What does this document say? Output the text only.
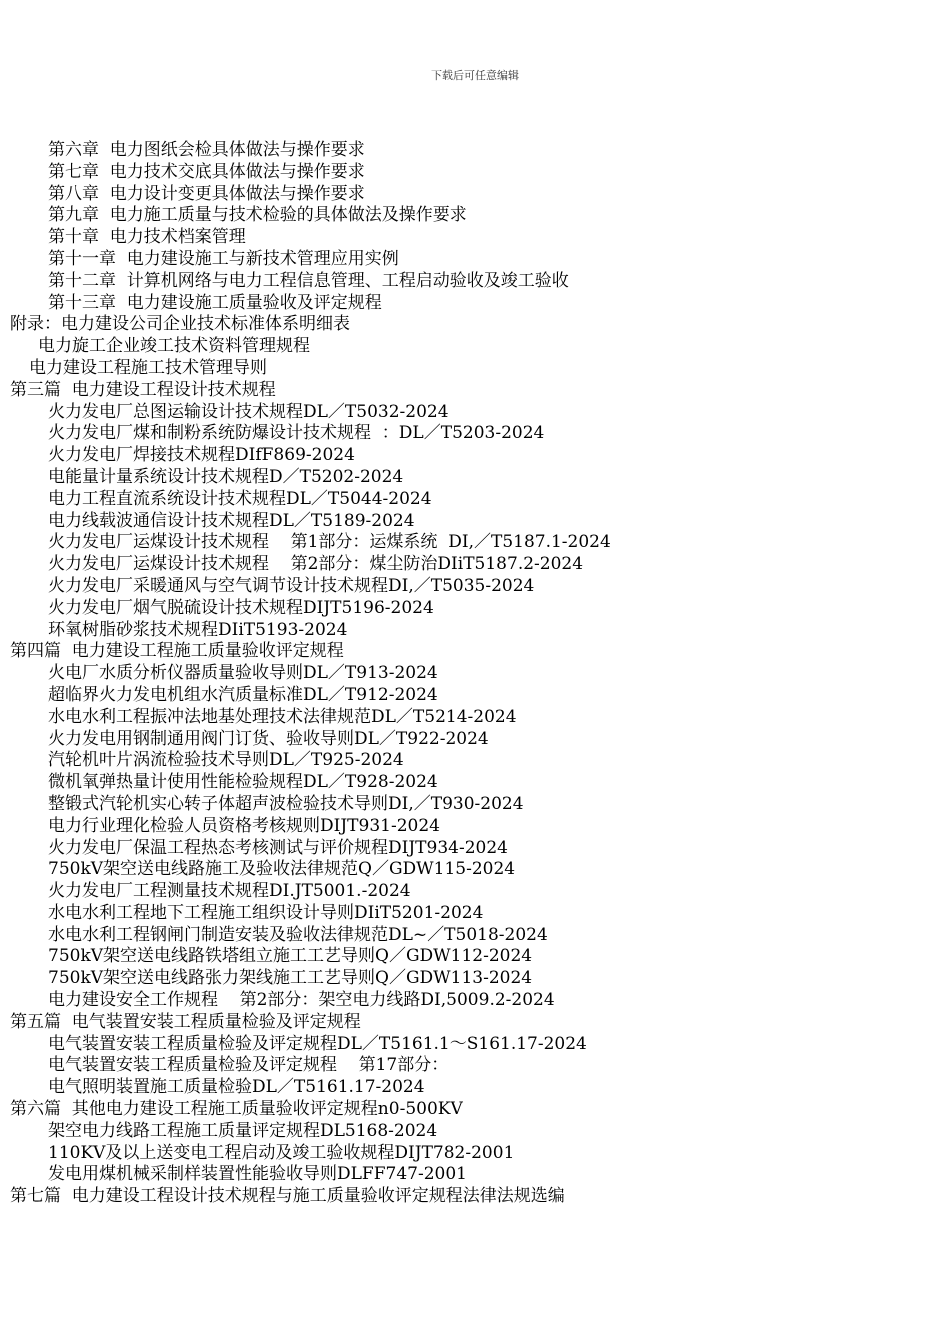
下载后可任意编辑
第六章  电力图纸会检具体做法与操作要求
第七章  电力技术交底具体做法与操作要求
第八章  电力设计变更具体做法与操作要求
第九章  电力施工质量与技术检验的具体做法及操作要求
第十章  电力技术档案管理
第十一章  电力建设施工与新技术管理应用实例
第十二章  计算机网络与电力工程信息管理、工程启动验收及竣工验收
第十三章  电力建设施工质量验收及评定规程
附录：电力建设公司企业技术标准体系明细表
电力旋工企业竣工技术资料管理规程
电力建设工程施工技术管理导则
第三篇  电力建设工程设计技术规程
火力发电厂总图运输设计技术规程DL／T5032-2024
火力发电厂煤和制粉系统防爆设计技术规程  ：DL／T5203-2024
火力发电厂焊接技术规程DIfF869-2024
电能量计量系统设计技术规程D／T5202-2024
电力工程直流系统设计技术规程DL／T5044-2024
电力线载波通信设计技术规程DL／T5189-2024
火力发电厂运煤设计技术规程    第1部分：运煤系统  DI,／T5187.1-2024
火力发电厂运煤设计技术规程    第2部分：煤尘防治DIiT5187.2-2024
火力发电厂采暖通风与空气调节设计技术规程DI,／T5035-2024
火力发电厂烟气脱硫设计技术规程DIJT5196-2024
环氧树脂砂浆技术规程DIiT5193-2024
第四篇  电力建设工程施工质量验收评定规程
火电厂水质分析仪器质量验收导则DL／T913-2024
超临界火力发电机组水汽质量标准DL／T912-2024
水电水利工程振冲法地基处理技术法律规范DL／T5214-2024
火力发电用钢制通用阀门订货、验收导则DL／T922-2024
汽轮机叶片涡流检验技术导则DL／T925-2024
微机氧弹热量计使用性能检验规程DL／T928-2024
整锻式汽轮机实心转子体超声波检验技术导则DI,／T930-2024
电力行业理化检验人员资格考核规则DIJT931-2024
火力发电厂保温工程热态考核测试与评价规程DIJT934-2024
750kV架空送电线路施工及验收法律规范Q／GDW115-2024
火力发电厂工程测量技术规程DI.JT5001.-2024
水电水利工程地下工程施工组织设计导则DIiT5201-2024
水电水利工程钢闸门制造安装及验收法律规范DL~／T5018-2024
750kV架空送电线路铁塔组立施工工艺导则Q／GDW112-2024
750kV架空送电线路张力架线施工工艺导则Q／GDW113-2024
电力建设安全工作规程    第2部分：架空电力线路DI,5009.2-2024
第五篇  电气装置安装工程质量检验及评定规程
电气装置安装工程质量检验及评定规程DL／T5161.1～S161.17-2024
电气装置安装工程质量检验及评定规程    第17部分：
电气照明装置施工质量检验DL／T5161.17-2024
第六篇  其他电力建设工程施工质量验收评定规程n0-500KV
架空电力线路工程施工质量评定规程DL5168-2024
110KV及以上送变电工程启动及竣工验收规程DIJT782-2001
发电用煤机械采制样装置性能验收导则DLFF747-2001
第七篇  电力建设工程设计技术规程与施工质量验收评定规程法律法规选编
